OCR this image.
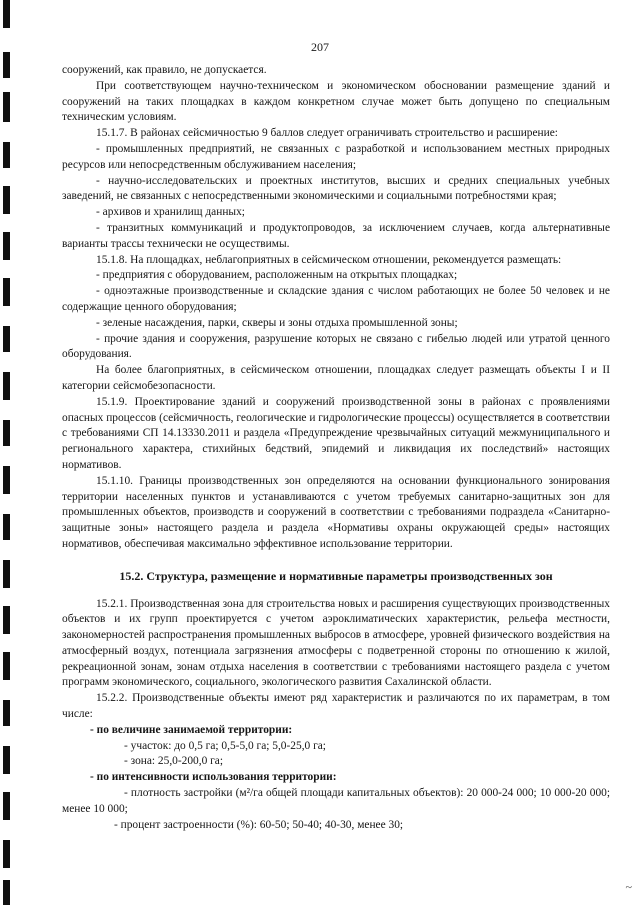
207

сооружений, как правило, не допускается.

При соответствующем научно-техническом и экономическом обосновании размещение зданий и сооружений на таких площадках в каждом конкретном случае может быть допущено по специальным техническим условиям.

15.1.7. В районах сейсмичностью 9 баллов следует ограничивать строительство и расширение:

- промышленных предприятий, не связанных с разработкой и использованием местных природных ресурсов или непосредственным обслуживанием населения;

- научно-исследовательских и проектных институтов, высших и средних специальных учебных заведений, не связанных с непосредственными экономическими и социальными потребностями края;

- архивов и хранилищ данных;

- транзитных коммуникаций и продуктопроводов, за исключением случаев, когда альтернативные варианты трассы технически не осуществимы.

15.1.8. На площадках, неблагоприятных в сейсмическом отношении, рекомендуется размещать:

- предприятия с оборудованием, расположенным на открытых площадках;

- одноэтажные производственные и складские здания с числом работающих не более 50 человек и не содержащие ценного оборудования;

- зеленые насаждения, парки, скверы и зоны отдыха промышленной зоны;

- прочие здания и сооружения, разрушение которых не связано с гибелью людей или утратой ценного оборудования.

На более благоприятных, в сейсмическом отношении, площадках следует размещать объекты I и II категории сейсмобезопасности.

15.1.9. Проектирование зданий и сооружений производственной зоны в районах с проявлениями опасных процессов (сейсмичность, геологические и гидрологические процессы) осуществляется в соответствии с требованиями СП 14.13330.2011 и раздела «Предупреждение чрезвычайных ситуаций межмуниципального и регионального характера, стихийных бедствий, эпидемий и ликвидация их последствий» настоящих нормативов.

15.1.10. Границы производственных зон определяются на основании функционального зонирования территории населенных пунктов и устанавливаются с учетом требуемых санитарно-защитных зон для промышленных объектов, производств и сооружений в соответствии с требованиями подраздела «Санитарно-защитные зоны» настоящего раздела и раздела «Нормативы охраны окружающей среды» настоящих нормативов, обеспечивая максимально эффективное использование территории.

15.2. Структура, размещение и нормативные параметры производственных зон

15.2.1. Производственная зона для строительства новых и расширения существующих производственных объектов и их групп проектируется с учетом аэроклиматических характеристик, рельефа местности, закономерностей распространения промышленных выбросов в атмосфере, уровней физического воздействия на атмосферный воздух, потенциала загрязнения атмосферы с подветренной стороны по отношению к жилой, рекреационной зонам, зонам отдыха населения в соответствии с требованиями настоящего раздела с учетом программ экономического, социального, экологического развития Сахалинской области.

15.2.2. Производственные объекты имеют ряд характеристик и различаются по их параметрам, в том числе:

- по величине занимаемой территории:

- участок: до 0,5 га; 0,5-5,0 га; 5,0-25,0 га;

- зона: 25,0-200,0 га;

- по интенсивности использования территории:

- плотность застройки (м²/га общей площади капитальных объектов): 20 000-24 000; 10 000-20 000; менее 10 000;

- процент застроенности (%): 60-50; 50-40; 40-30, менее 30;

~
